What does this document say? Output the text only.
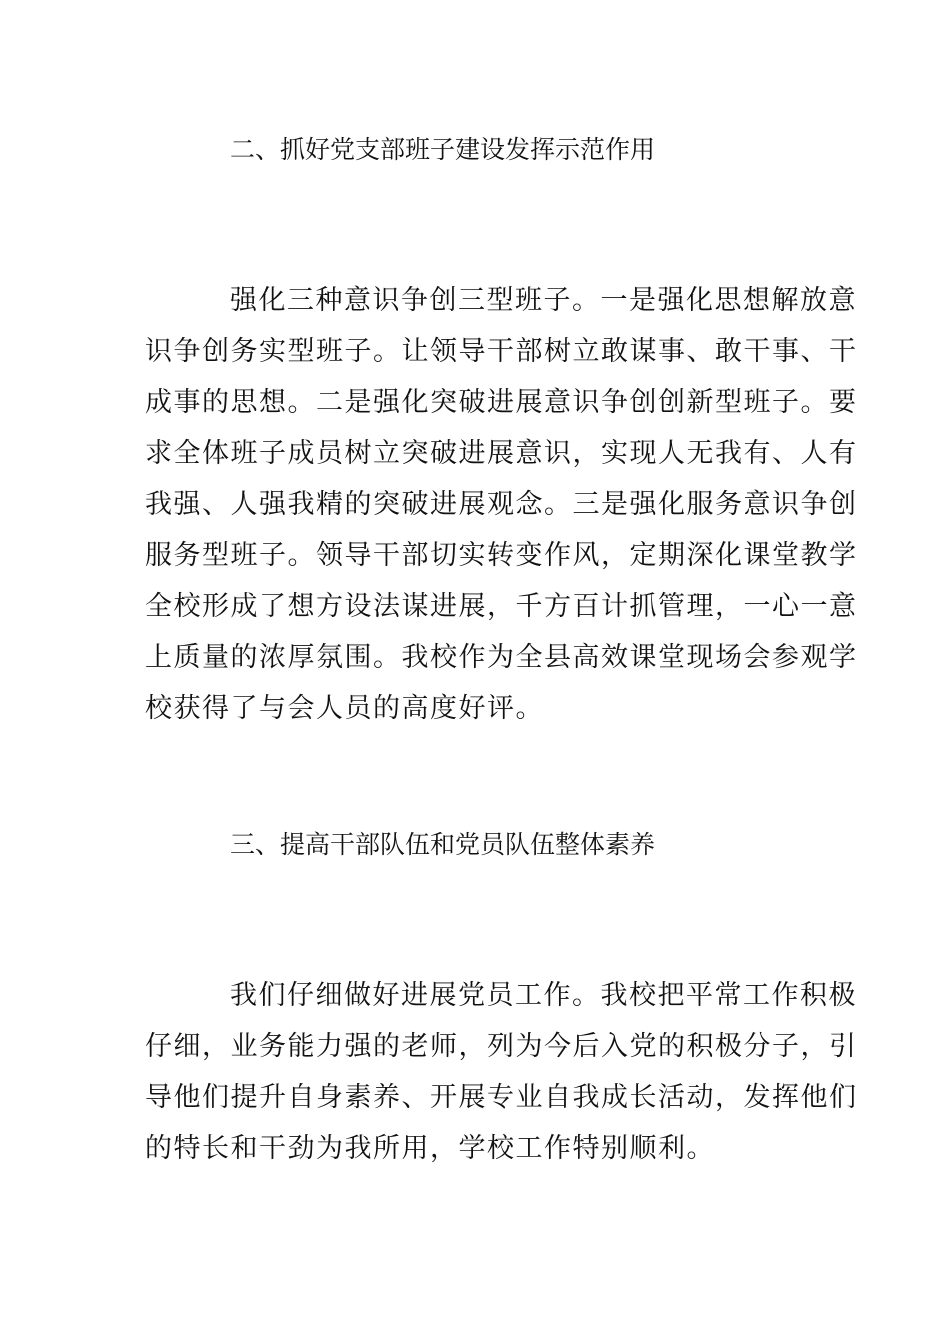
二、抓好党支部班子建设发挥示范作用
强化三种意识争创三型班子。一是强化思想解放意
识争创务实型班子。让领导干部树立敢谋事、敢干事、干
成事的思想。二是强化突破进展意识争创创新型班子。要
求全体班子成员树立突破进展意识，实现人无我有、人有
我强、人强我精的突破进展观念。三是强化服务意识争创
服务型班子。领导干部切实转变作风，定期深化课堂教学
全校形成了想方设法谋进展，千方百计抓管理，一心一意
上质量的浓厚氛围。我校作为全县高效课堂现场会参观学
校获得了与会人员的高度好评。
三、提高干部队伍和党员队伍整体素养
我们仔细做好进展党员工作。我校把平常工作积极
仔细，业务能力强的老师，列为今后入党的积极分子，引
导他们提升自身素养、开展专业自我成长活动，发挥他们
的特长和干劲为我所用，学校工作特别顺利。
